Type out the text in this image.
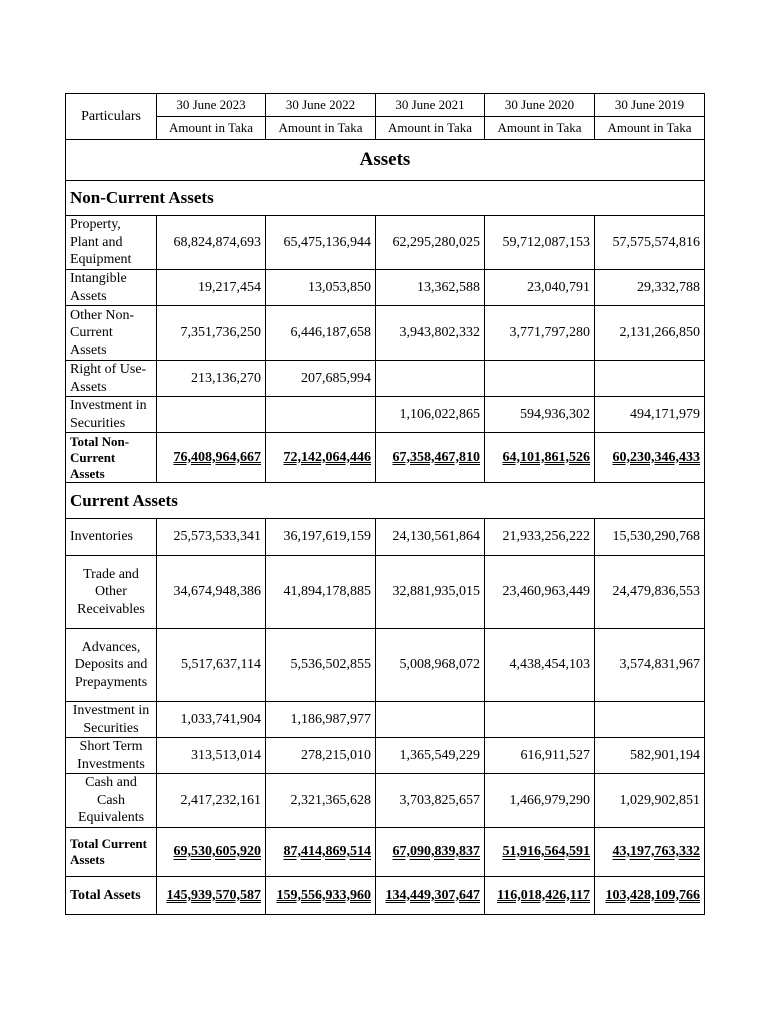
Particulars	30 June 2023	30 June 2022	30 June 2021	30 June 2020	30 June 2019
	Amount in Taka	Amount in Taka	Amount in Taka	Amount in Taka	Amount in Taka
Assets					
Non-Current Assets					
Property, Plant and Equipment	68,824,874,693	65,475,136,944	62,295,280,025	59,712,087,153	57,575,574,816
Intangible Assets	19,217,454	13,053,850	13,362,588	23,040,791	29,332,788
Other Non-Current Assets	7,351,736,250	6,446,187,658	3,943,802,332	3,771,797,280	2,131,266,850
Right of Use-Assets	213,136,270	207,685,994			
Investment in Securities			1,106,022,865	594,936,302	494,171,979
Total Non-Current Assets	76,408,964,667	72,142,064,446	67,358,467,810	64,101,861,526	60,230,346,433
Current Assets					
Inventories	25,573,533,341	36,197,619,159	24,130,561,864	21,933,256,222	15,530,290,768
Trade and Other Receivables	34,674,948,386	41,894,178,885	32,881,935,015	23,460,963,449	24,479,836,553
Advances, Deposits and Prepayments	5,517,637,114	5,536,502,855	5,008,968,072	4,438,454,103	3,574,831,967
Investment in Securities	1,033,741,904	1,186,987,977			
Short Term Investments	313,513,014	278,215,010	1,365,549,229	616,911,527	582,901,194
Cash and Cash Equivalents	2,417,232,161	2,321,365,628	3,703,825,657	1,466,979,290	1,029,902,851
Total Current Assets	69,530,605,920	87,414,869,514	67,090,839,837	51,916,564,591	43,197,763,332
Total Assets	145,939,570,587	159,556,933,960	134,449,307,647	116,018,426,117	103,428,109,766
